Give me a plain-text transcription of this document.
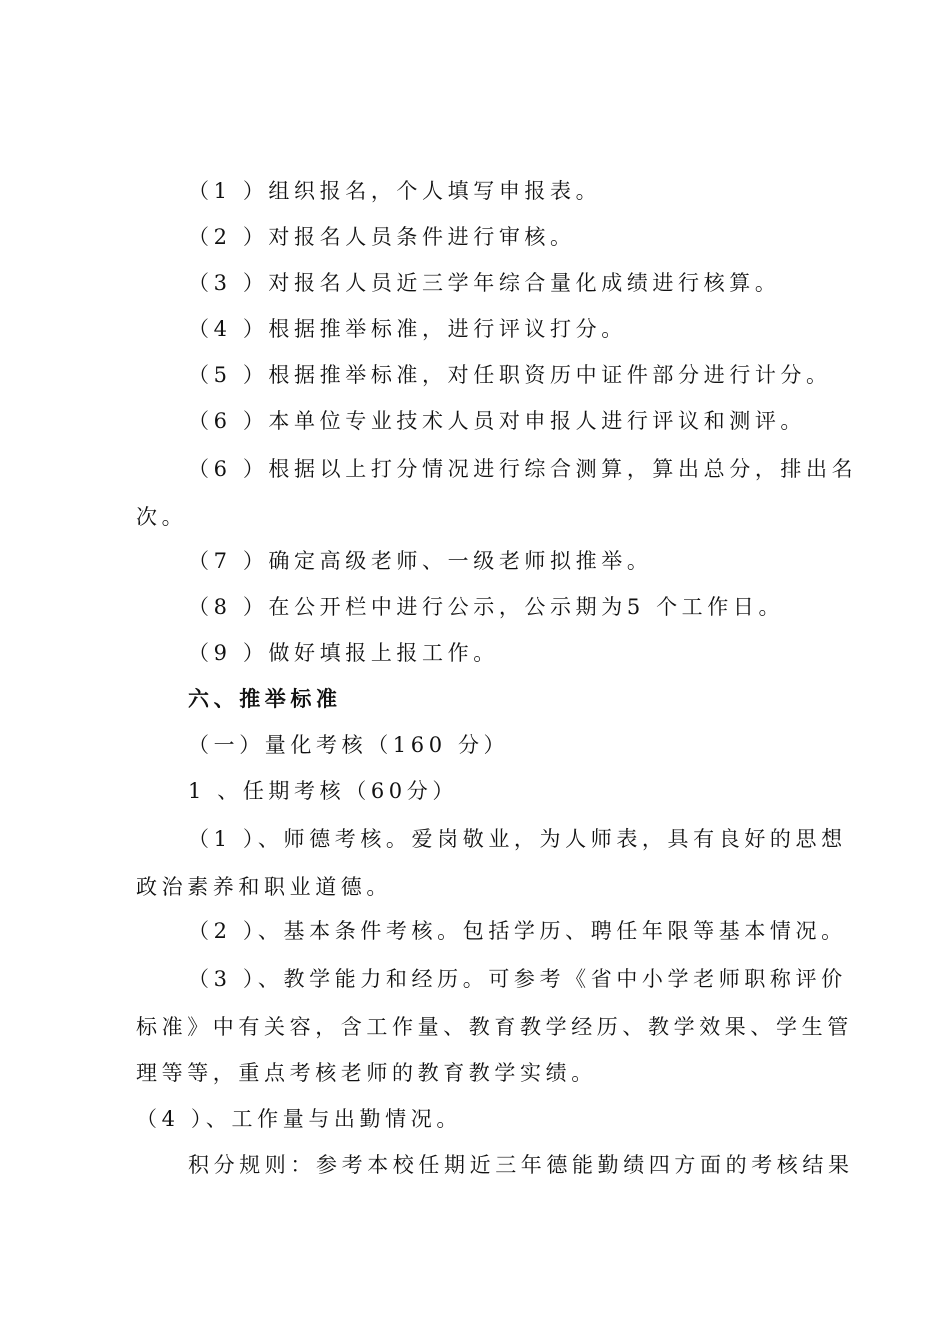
（1 ）组织报名，个人填写申报表。
（2 ）对报名人员条件进行审核。
（3 ）对报名人员近三学年综合量化成绩进行核算。
（4 ）根据推举标准，进行评议打分。
（5 ）根据推举标准，对任职资历中证件部分进行计分。
（6 ）本单位专业技术人员对申报人进行评议和测评。
（6 ）根据以上打分情况进行综合测算，算出总分，排出名
次。
（7 ）确定高级老师、一级老师拟推举。
（8 ）在公开栏中进行公示，公示期为5 个工作日。
（9 ）做好填报上报工作。
六、推举标准
（一）量化考核（160 分）
1 、任期考核（60分）
（1 ）、师德考核。爱岗敬业，为人师表，具有良好的思想
政治素养和职业道德。
（2 ）、基本条件考核。包括学历、聘任年限等基本情况。
（3 ）、教学能力和经历。可参考《省中小学老师职称评价
标准》中有关容，含工作量、教育教学经历、教学效果、学生管
理等等，重点考核老师的教育教学实绩。
（4 ）、工作量与出勤情况。
积分规则：参考本校任期近三年德能勤绩四方面的考核结果
